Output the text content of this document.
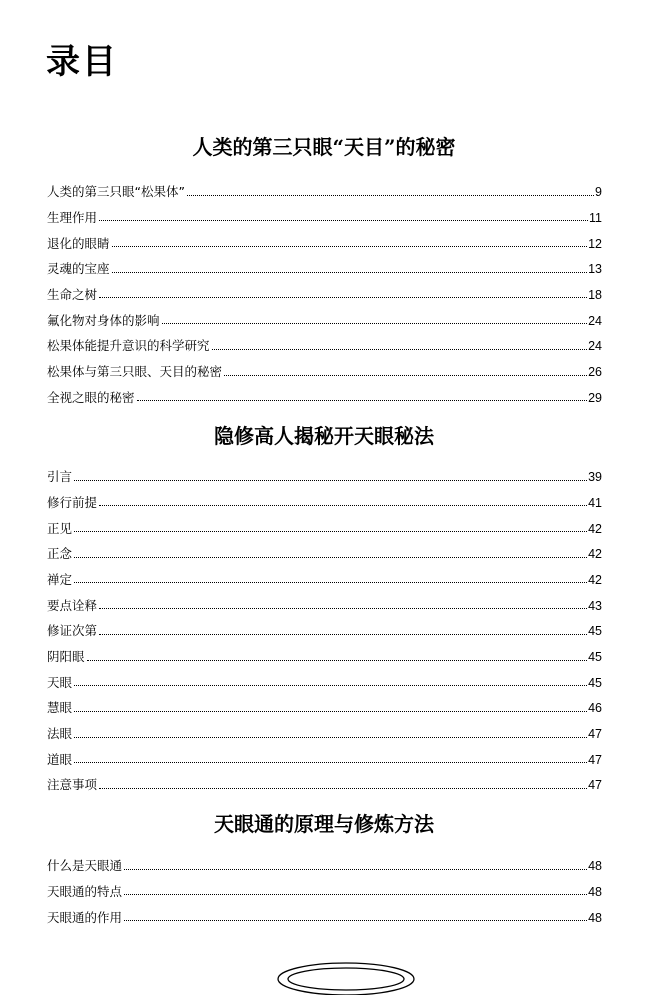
录目
人类的第三只眼“天目”的秘密
人类的第三只眼“松果体”	9
生理作用	11
退化的眼睛	12
灵魂的宝座	13
生命之树	18
氟化物对身体的影响	24
松果体能提升意识的科学研究	24
松果体与第三只眼、天目的秘密	26
全视之眼的秘密	29
隐修高人揭秘开天眼秘法
引言	39
修行前提	41
正见	42
正念	42
禅定	42
要点诠释	43
修证次第	45
阴阳眼	45
天眼	45
慧眼	46
法眼	47
道眼	47
注意事项	47
天眼通的原理与修炼方法
什么是天眼通	48
天眼通的特点	48
天眼通的作用	48
